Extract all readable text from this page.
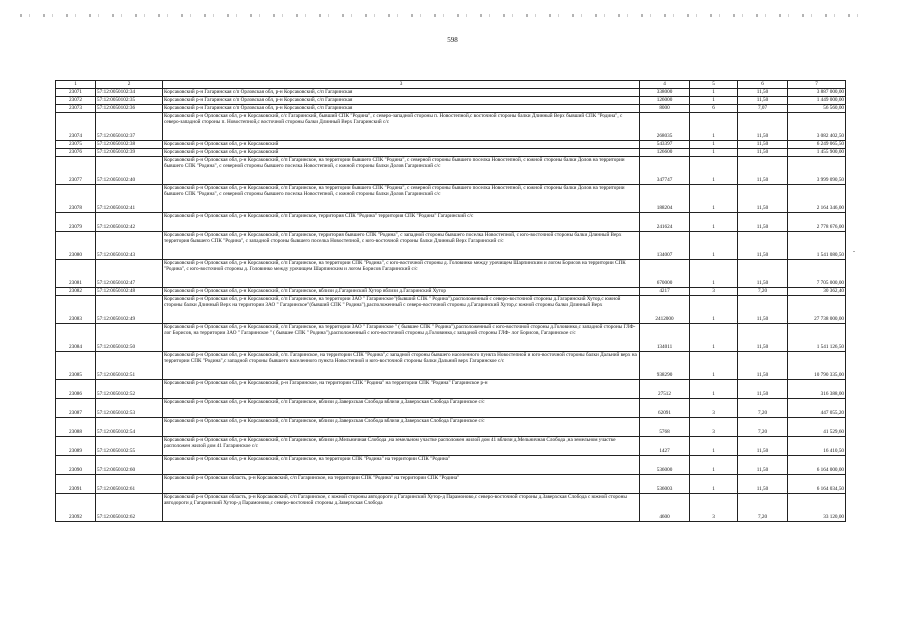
598
1	2	3	4	5	6	7
23071	57:12:0050102:34	Корсаковский р-н Гагаринская с/п Орловская обл, р-н Корсаковский, с/п Гагаринская	338000	1	11,50	3 887 000,00
23072	57:12:0050102:35	Корсаковский р-н Гагаринская с/п Орловская обл, р-н Корсаковский, с/п Гагаринская	126000	1	11,50	1 449 000,00
23073	57:12:0050102:36	Корсаковский р-н Гагаринская с/п Орловская обл, р-н Корсаковский, с/п Гагаринская	8000	6	7,07	56 560,00
23074	57:12:0050102:37	Корсаковский р-н Орловская обл, р-н Корсаковский, с/с Гагаринский, бывший СПК "Родина", с северо-западной стороны п. Новостепной,с восточной стороны балки Длинный Верх бывший СПК "Родина", с северо-западной стороны п. Новостепной,с восточной стороны балки Длинный Верх Гагаринский с/с	268035	1	11,50	3 082 402,50
23075	57:12:0050102:38	Корсаковский р-н Орловская обл, р-н Корсаковский	543397	1	11,50	6 249 065,50
23076	57:12:0050102:39	Корсаковский р-н Орловская обл, р-н Корсаковский	126600	1	11,50	1 455 900,00
23077	57:12:0050102:40	Корсаковский р-н Орловская обл, р-н Корсаковский, с/п Гагаринское, на территории бывшего СПК "Родина", с северной стороны бывшего поселка Новостепной, с южной стороны балки Долов на территории бывшего СПК "Родина", с северной стороны бывшего поселка Новостепной, с южной стороны балки Долов Гагаринский с/с	347747	1	11,50	3 999 090,50
23078	57:12:0050102:41	Корсаковский р-н Орловская обл, р-н Корсаковский, с/п Гагаринское, на территории бывшего СПК "Родина", с северной стороны бывшего поселка Новостепной, с южной стороны балки Долов на территории бывшего СПК "Родина", с северной стороны бывшего поселка Новостепной, с южной стороны балки Долов Гагаринский с/с	188204	1	11,50	2 164 346,00
23079	57:12:0050102:42	Корсаковский р-н Орловская обл, р-н Корсаковский, с/п Гагаринское, территория СПК "Родина" территория СПК "Родина" Гагаринский с/с	241624	1	11,50	2 778 676,00
23080	57:12:0050102:43	Корсаковский р-н Орловская обл, р-н Корсаковский, с/п Гагаринское, территория бывшего СПК "Родина", с западной стороны бывшего поселка Новостепной, с юго-восточной стороны балки Длинный Верх территория бывшего СПК "Родина", с западной стороны бывшего поселка Новостепной, с юго-восточной стороны балки Длинный Верх Гагаринский с/с	134007	1	11,50	1 541 080,50
23081	57:12:0050102:47	Корсаковский р-н Орловская обл, р-н Корсаковский, с/п Гагаринское, на территории СПК "Родина", с юго-восточной стороны д. Головинко между урочищем Шарпинским и логом Борисов на территории СПК "Родина", с юго-восточной стороны д. Головинко между урочищем Шарпинским и логом Борисов Гагаринский с/с	670000	1	11,50	7 705 000,00
23082	57:12:0050102:48	Корсаковский р-н Орловская обл, р-н Корсаковский, с/п Гагаринское, вблизи д.Гагаринский Хутор вблизи д.Гагаринский Хутор	4217	3	7,20	30 362,40
23083	57:12:0050102:49	Корсаковский р-н Орловская обл, р-н Корсаковский, с/п Гагаринское, на территории ЗАО " Гагаринское"(бывший СПК " Родина"),расположенный с северо-восточной стороны д.Гагаринский Хутор,с южной стороны балки Длинный Верх на территории ЗАО " Гагаринское"(бывший СПК " Родина"),расположенный с северо-восточной стороны д.Гагаринский Хутор,с южной стороны балки Длинный Верх	2412000	1	11,50	27 738 000,00
23084	57:12:0050102:50	Корсаковский р-н Орловская обл, р-н Корсаковский, с/п Гагаринское, на территории ЗАО " Гагаринское " ( бывшее СПК " Родина"),расположенный с юго-восточной стороны д.Головинко,с западной стороны ГЛФ- лог Борисов, на территории ЗАО " Гагаринское " ( бывшее СПК " Родина"),расположенный с юго-восточной стороны д.Головинко,с западной стороны ГЛФ- лог Борисов, Гагаринское с/с	134011	1	11,50	1 541 126,50
23085	57:12:0050102:51	Корсаковский р-н Орловская обл, р-н Корсаковский, с/п. Гагаринское, на территории СПК "Родина",с западной стороны бывшего населенного пункта Новостепной и юго-восточной стороны балки Дальний верх на территории СПК "Родина",с западной стороны бывшего населенного пункта Новостепной и юго-восточной стороны балки Дальний верх Гагаринское с/с	938290	1	11,50	10 790 335,00
23086	57:12:0050102:52	Корсаковский р-н Орловская обл, р-н Корсаковский, р-н Гагаринское, на территории СПК "Родина" на территории СПК "Родина" Гагаринское р-н	27512	1	11,50	316 388,00
23087	57:12:0050102:53	Корсаковский р-н Орловская обл, р-н Корсаковский, с/п Гагаринское, вблизи д.Заверхская Слобода вблизи д.Заверхская Слобода Гагаринское с/с	62091	3	7,20	447 055,20
23088	57:12:0050102:54	Корсаковский р-н Орловская обл, р-н Корсаковский, с/п Гагаринское, вблизи д.Заверхская Слобода вблизи д.Заверхская Слобода Гагаринское с/с	5768	3	7,20	41 529,60
23089	57:12:0050102:55	Корсаковский р-н Орловская обл, р-н Корсаковский, с/п Гагаринское, вблизи д.Мельничная Слобода ,на земельном участке расположен жилой дом 41 вблизи д.Мельничная Слобода ,на земельном участке расположен жилой дом 41 Гагаринское с/с	1427	1	11,50	16 410,50
23090	57:12:0050102:60	Корсаковский р-н Орловская обл, р-н Корсаковский, с/п Гагаринское, на территории СПК "Родина" на территории СПК "Родина"	536000	1	11,50	6 164 000,00
23091	57:12:0050102:61	Корсаковский р-н Орловская область, р-н Корсаковский, с/п Гагаринское, на территории СПК "Родина" на территории СПК "Родина"	536003	1	11,50	6 164 034,50
23092	57:12:0050102:62	Корсаковский р-н Орловская область, р-н Корсаковский, с/п Гагаринское, с южной стороны автодороги д Гагаринский Хутор-д Парамоново,с северо-восточной стороны д.Заверхская Слобода с южной стороны автодороги д Гагаринский Хутор-д Парамоново,с северо-восточной стороны д.Заверхская Слобода	4600	3	7,20	33 120,00
-
